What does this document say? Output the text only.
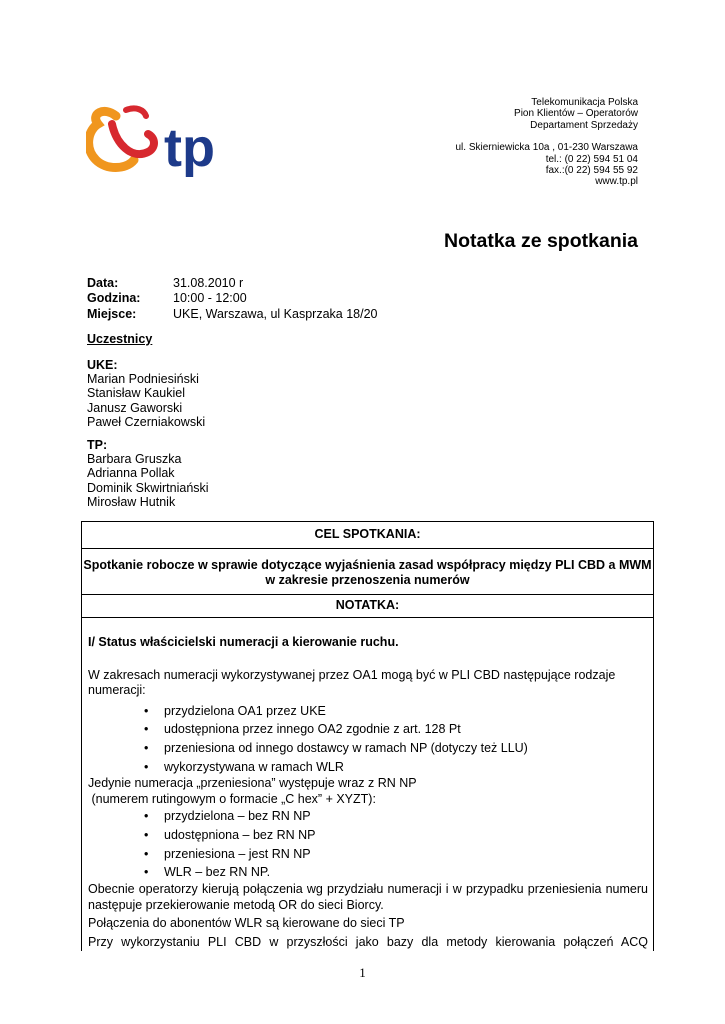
tp
Telekomunikacja Polska
Pion Klientów – Operatorów
Departament Sprzedaży
ul. Skierniewicka 10a , 01-230 Warszawa
tel.: (0 22) 594 51 04
fax.:(0 22) 594 55 92
www.tp.pl
Notatka ze spotkania
Data:	31.08.2010 r
Godzina:	10:00 - 12:00
Miejsce:	UKE, Warszawa, ul Kasprzaka 18/20
Uczestnicy
UKE:
Marian Podniesiński
Stanisław Kaukiel
Janusz Gaworski
Paweł Czerniakowski
TP:
Barbara Gruszka
Adrianna Pollak
Dominik Skwirtniański
Mirosław Hutnik
CEL SPOTKANIA:
Spotkanie robocze w sprawie dotyczące wyjaśnienia zasad współpracy między PLI CBD a MWM
w zakresie przenoszenia numerów
NOTATKA:

I/ Status właścicielski numeracji a kierowanie ruchu.

W zakresach numeracji wykorzystywanej przez OA1 mogą być w PLI CBD następujące rodzaje numeracji:

• przydzielona OA1 przez UKE
• udostępniona przez innego OA2 zgodnie z art. 128 Pt
• przeniesiona od innego dostawcy w ramach NP (dotyczy też LLU)
• wykorzystywana w ramach WLR

Jedynie numeracja „przeniesiona” występuje wraz z RN NP

(numerem rutingowym o formacie „C hex” + XYZT):

• przydzielona – bez RN NP
• udostępniona – bez RN NP
• przeniesiona – jest RN NP
• WLR – bez RN NP.

Obecnie operatorzy kierują połączenia wg przydziału numeracji i w przypadku przeniesienia numeru

następuje przekierowanie metodą OR do sieci Biorcy.

Połączenia do abonentów WLR są kierowane do sieci TP

Przy wykorzystaniu PLI CBD w przyszłości jako bazy dla metody kierowania połączeń ACQ

1
